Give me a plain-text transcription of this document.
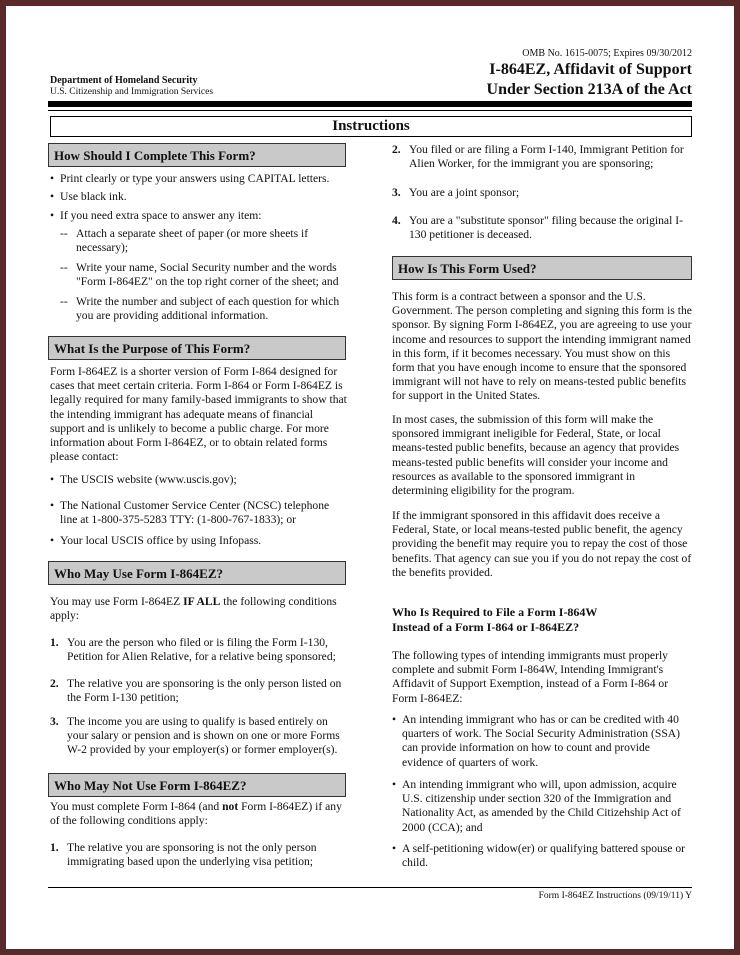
Department of Homeland Security
U.S. Citizenship and Immigration Services
OMB No. 1615-0075; Expires 09/30/2012
I-864EZ, Affidavit of Support
Under Section 213A of the Act
Instructions
How Should I Complete This Form?
• Print clearly or type your answers using CAPITAL letters.
• Use black ink.
• If you need extra space to answer any item:
-- Attach a separate sheet of paper (or more sheets if necessary);
-- Write your name, Social Security number and the words "Form I-864EZ" on the top right corner of the sheet; and
-- Write the number and subject of each question for which you are providing additional information.
What Is the Purpose of This Form?
Form I-864EZ is a shorter version of Form I-864 designed for cases that meet certain criteria. Form I-864 or Form I-864EZ is legally required for many family-based immigrants to show that the intending immigrant has adequate means of financial support and is unlikely to become a public charge. For more information about Form I-864EZ, or to obtain related forms please contact:
• The USCIS website (www.uscis.gov);
• The National Customer Service Center (NCSC) telephone line at 1-800-375-5283 TTY: (1-800-767-1833); or
• Your local USCIS office by using Infopass.
Who May Use Form I-864EZ?
You may use Form I-864EZ IF ALL the following conditions apply:
1. You are the person who filed or is filing the Form I-130, Petition for Alien Relative, for a relative being sponsored;
2. The relative you are sponsoring is the only person listed on the Form I-130 petition;
3. The income you are using to qualify is based entirely on your salary or pension and is shown on one or more Forms W-2 provided by your employer(s) or former employer(s).
Who May Not Use Form I-864EZ?
You must complete Form I-864 (and not Form I-864EZ) if any of the following conditions apply:
1. The relative you are sponsoring is not the only person immigrating based upon the underlying visa petition;
2. You filed or are filing a Form I-140, Immigrant Petition for Alien Worker, for the immigrant you are sponsoring;
3. You are a joint sponsor;
4. You are a "substitute sponsor" filing because the original I-130 petitioner is deceased.
How Is This Form Used?
This form is a contract between a sponsor and the U.S. Government. The person completing and signing this form is the sponsor. By signing Form I-864EZ, you are agreeing to use your income and resources to support the intending immigrant named in this form, if it becomes necessary. You must show on this form that you have enough income to ensure that the sponsored immigrant will not have to rely on means-tested public benefits for support in the United States.
In most cases, the submission of this form will make the sponsored immigrant ineligible for Federal, State, or local means-tested public benefits, because an agency that provides means-tested public benefits will consider your income and resources as available to the sponsored immigrant in determining eligibility for the program.
If the immigrant sponsored in this affidavit does receive a Federal, State, or local means-tested public benefit, the agency providing the benefit may require you to repay the cost of those benefits. That agency can sue you if you do not repay the cost of the benefits provided.
Who Is Required to File a Form I-864W
Instead of a Form I-864 or I-864EZ?
The following types of intending immigrants must properly complete and submit Form I-864W, Intending Immigrant's Affidavit of Support Exemption, instead of a Form I-864 or Form I-864EZ:
• An intending immigrant who has or can be credited with 40 quarters of work. The Social Security Administration (SSA) can provide information on how to count and provide evidence of quarters of work.
• An intending immigrant who will, upon admission, acquire U.S. citizenship under section 320 of the Immigration and Nationality Act, as amended by the Child Citizehship Act of 2000 (CCA); and
• A self-petitioning widow(er) or qualifying battered spouse or child.
Form I-864EZ Instructions (09/19/11) Y
